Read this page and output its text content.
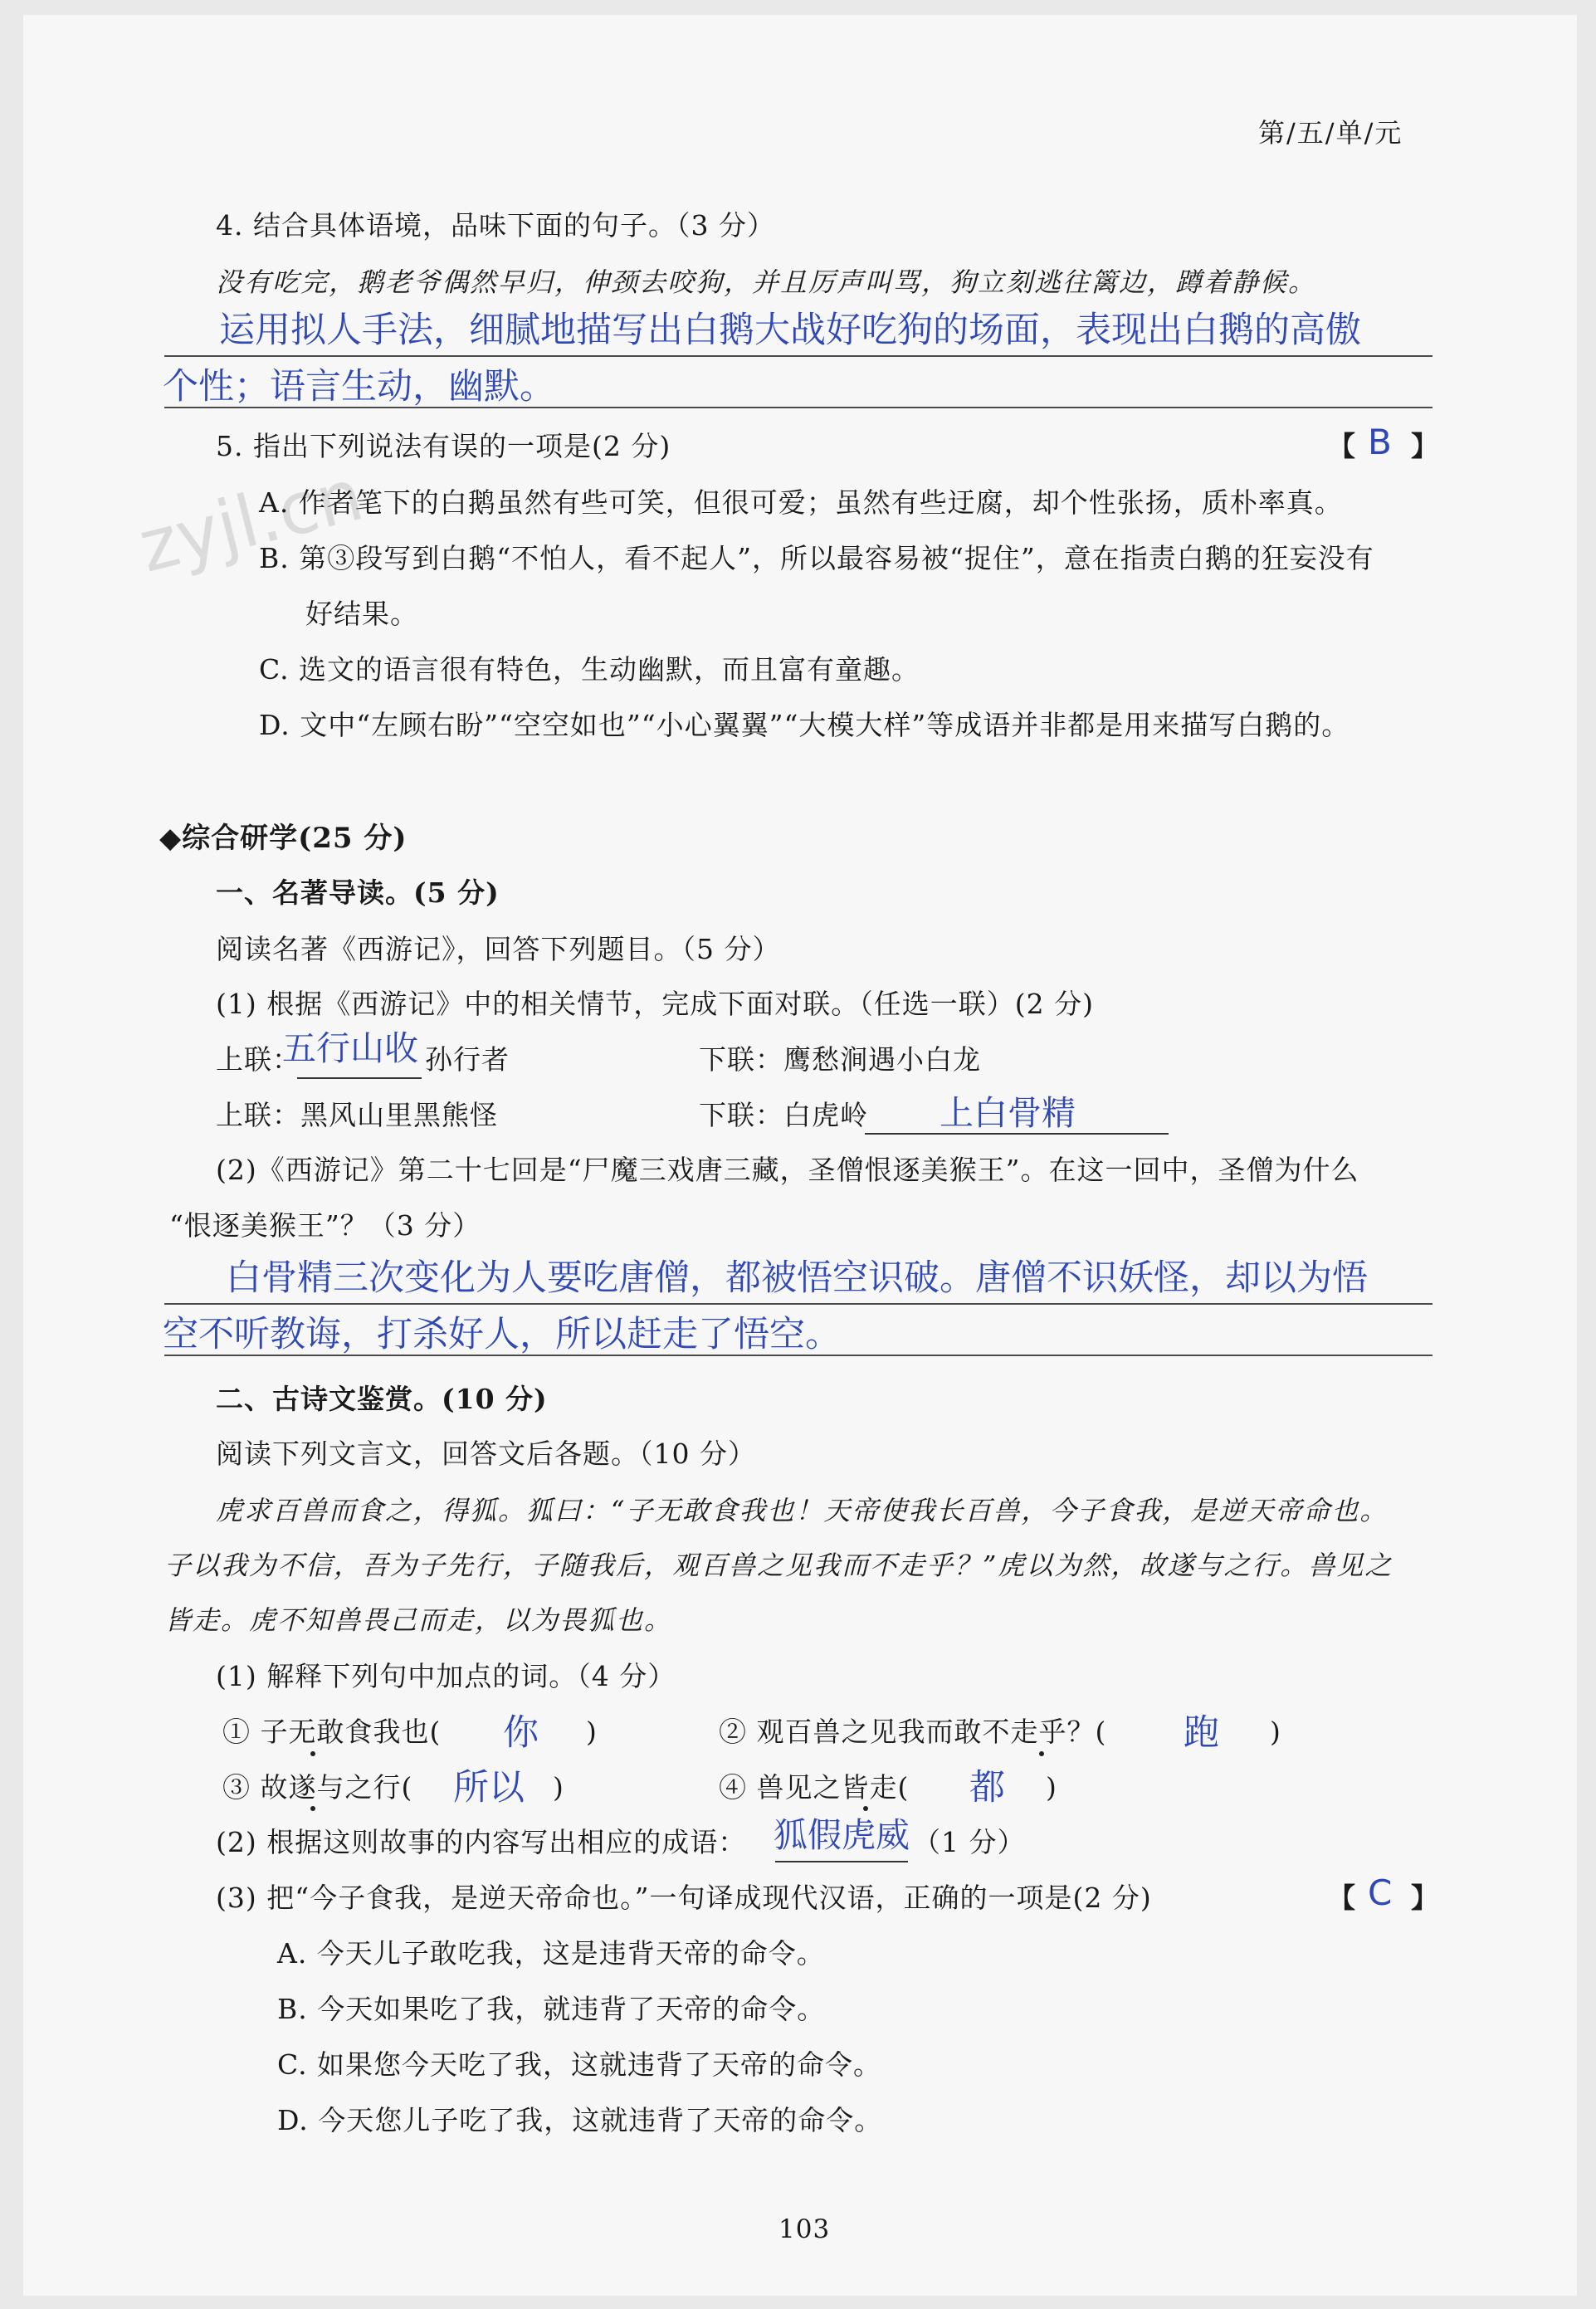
zyjl.cn
第/五/单/元
4. 结合具体语境，品味下面的句子。（3 分）
没有吃完，鹅老爷偶然早归，伸颈去咬狗，并且厉声叫骂，狗立刻逃往篱边，蹲着静候。
运用拟人手法，细腻地描写出白鹅大战好吃狗的场面，表现出白鹅的高傲
个性；语言生动，幽默。
5. 指出下列说法有误的一项是(2 分)	【 B 】
A. 作者笔下的白鹅虽然有些可笑，但很可爱；虽然有些迂腐，却个性张扬，质朴率真。
B. 第③段写到白鹅“不怕人，看不起人”，所以最容易被“捉住”，意在指责白鹅的狂妄没有
好结果。
C. 选文的语言很有特色，生动幽默，而且富有童趣。
D. 文中“左顾右盼”“空空如也”“小心翼翼”“大模大样”等成语并非都是用来描写白鹅的。
◆综合研学(25 分)
一、名著导读。(5 分)
阅读名著《西游记》，回答下列题目。（5 分）
(1) 根据《西游记》中的相关情节，完成下面对联。（任选一联）(2 分)
上联：
五行山收 孙行者	下联：鹰愁涧遇小白龙
上联：黑风山里黑熊怪	下联：白虎岭 上白骨精
(2)《西游记》第二十七回是“尸魔三戏唐三藏，圣僧恨逐美猴王”。在这一回中，圣僧为什么
“恨逐美猴王”？（3 分）
白骨精三次变化为人要吃唐僧，都被悟空识破。唐僧不识妖怪，却以为悟
空不听教诲，打杀好人，所以赶走了悟空。
二、古诗文鉴赏。(10 分)
阅读下列文言文，回答文后各题。（10 分）
虎求百兽而食之，得狐。狐曰：“子无敢食我也！天帝使我长百兽，今子食我，是逆天帝命也。
子以我为不信，吾为子先行，子随我后，观百兽之见我而不走乎？”虎以为然，故遂与之行。兽见之
皆走。虎不知兽畏己而走，以为畏狐也。
(1) 解释下列句中加点的词。（4 分）
① 子无敢食我也( 你 )	② 观百兽之见我而敢不走乎？( 跑 )
③ 故遂与之行( 所以 )	④ 兽见之皆走( 都 )
(2) 根据这则故事的内容写出相应的成语： 狐假虎威 （1 分）
(3) 把“今子食我，是逆天帝命也。”一句译成现代汉语，正确的一项是(2 分)	【 C 】
A. 今天儿子敢吃我，这是违背天帝的命令。
B. 今天如果吃了我，就违背了天帝的命令。
C. 如果您今天吃了我，这就违背了天帝的命令。
D. 今天您儿子吃了我，这就违背了天帝的命令。
103
